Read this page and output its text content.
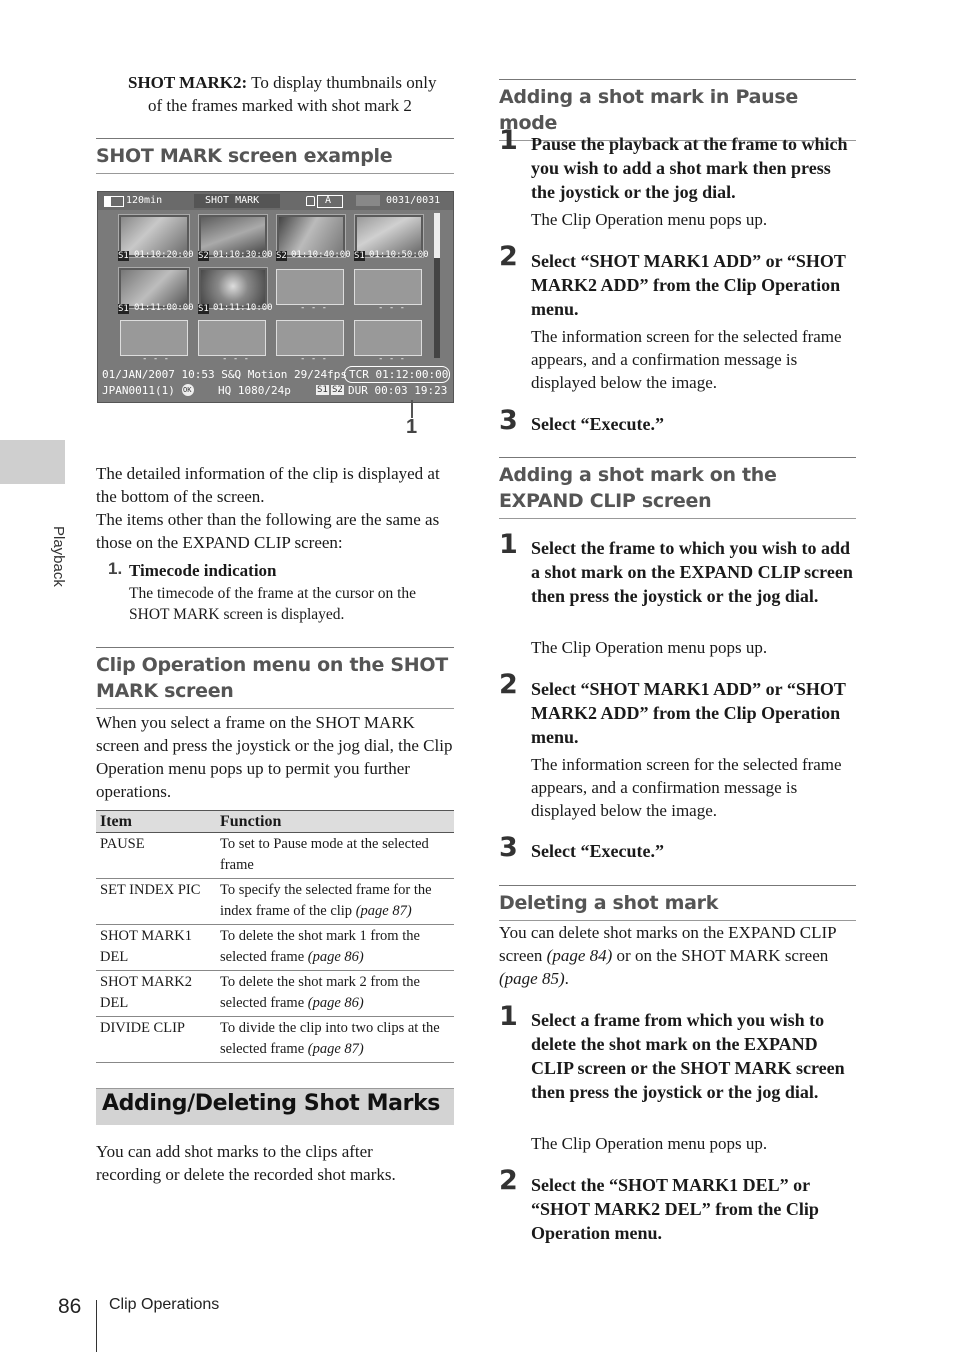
Playback
SHOT MARK2: To display thumbnails only
of the frames marked with shot mark 2
SHOT MARK screen example
120min	SHOT MARK	A	0031/0031
S1 01:10:20:00 S2 01:10:30:00 S2 01:10:40:00 S1 01:10:50:00
S1 01:11:00:00 S1 01:11:10:00	- - -	- - -
- - -	- - -	- - -	- - -
01/JAN/2007 10:53 S&Q Motion 29/24fps TCR 01:12:00:00
JPAN0011(1) OK HQ 1080/24p	S1 S2 DUR 00:03 19:23
1
The detailed information of the clip is displayed at the bottom of the screen.
The items other than the following are the same as those on the EXPAND CLIP screen:
1. Timecode indication
The timecode of the frame at the cursor on the SHOT MARK screen is displayed.
Clip Operation menu on the SHOT MARK screen
When you select a frame on the SHOT MARK screen and press the joystick or the jog dial, the Clip Operation menu pops up to permit you further operations.
Item	Function
PAUSE	To set to Pause mode at the selected frame
SET INDEX PIC	To specify the selected frame for the index frame of the clip (page 87)
SHOT MARK1 DEL	To delete the shot mark 1 from the selected frame (page 86)
SHOT MARK2 DEL	To delete the shot mark 2 from the selected frame (page 86)
DIVIDE CLIP	To divide the clip into two clips at the selected frame (page 87)
Adding/Deleting Shot Marks
You can add shot marks to the clips after recording or delete the recorded shot marks.
Adding a shot mark in Pause mode
1 Pause the playback at the frame to which you wish to add a shot mark then press the joystick or the jog dial.
The Clip Operation menu pops up.
2 Select “SHOT MARK1 ADD” or “SHOT MARK2 ADD” from the Clip Operation menu.
The information screen for the selected frame appears, and a confirmation message is displayed below the image.
3 Select “Execute.”
Adding a shot mark on the EXPAND CLIP screen
1 Select the frame to which you wish to add a shot mark on the EXPAND CLIP screen then press the joystick or the jog dial.
The Clip Operation menu pops up.
2 Select “SHOT MARK1 ADD” or “SHOT MARK2 ADD” from the Clip Operation menu.
The information screen for the selected frame appears, and a confirmation message is displayed below the image.
3 Select “Execute.”
Deleting a shot mark
You can delete shot marks on the EXPAND CLIP screen (page 84) or on the SHOT MARK screen (page 85).
1 Select a frame from which you wish to delete the shot mark on the EXPAND CLIP screen or the SHOT MARK screen then press the joystick or the jog dial.
The Clip Operation menu pops up.
2 Select the “SHOT MARK1 DEL” or “SHOT MARK2 DEL” from the Clip Operation menu.
86 Clip Operations
